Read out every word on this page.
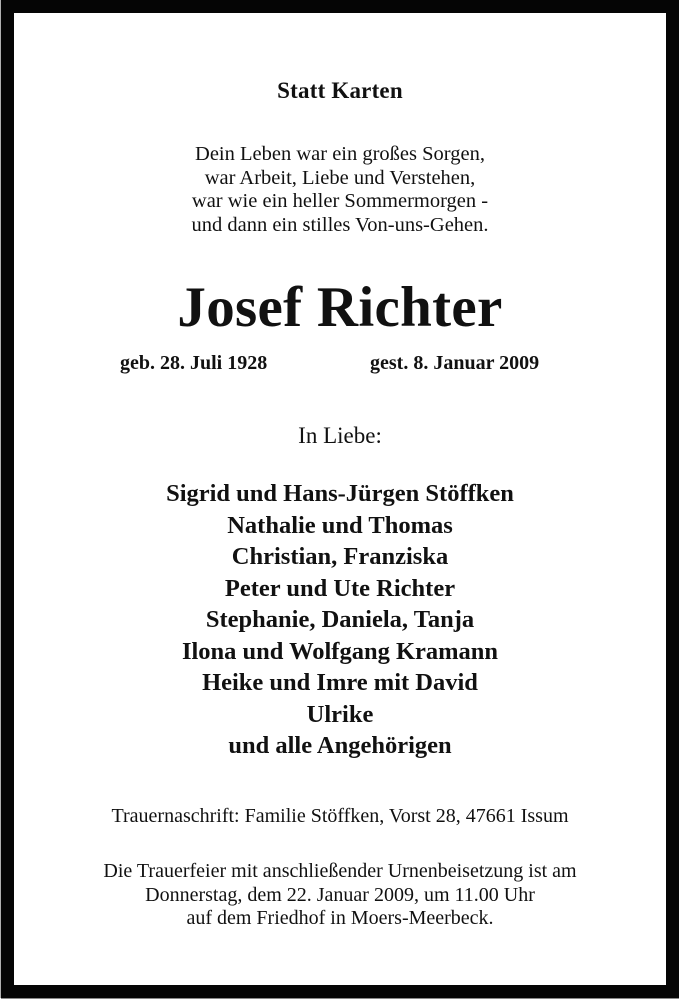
Statt Karten
Dein Leben war ein großes Sorgen,
war Arbeit, Liebe und Verstehen,
war wie ein heller Sommermorgen -
und dann ein stilles Von-uns-Gehen.
Josef Richter
geb. 28. Juli 1928	gest. 8. Januar 2009
In Liebe:
Sigrid und Hans-Jürgen Stöffken
Nathalie und Thomas
Christian, Franziska
Peter und Ute Richter
Stephanie, Daniela, Tanja
Ilona und Wolfgang Kramann
Heike und Imre mit David
Ulrike
und alle Angehörigen
Trauernaschrift: Familie Stöffken, Vorst 28, 47661 Issum
Die Trauerfeier mit anschließender Urnenbeisetzung ist am
Donnerstag, dem 22. Januar 2009, um 11.00 Uhr
auf dem Friedhof in Moers-Meerbeck.
